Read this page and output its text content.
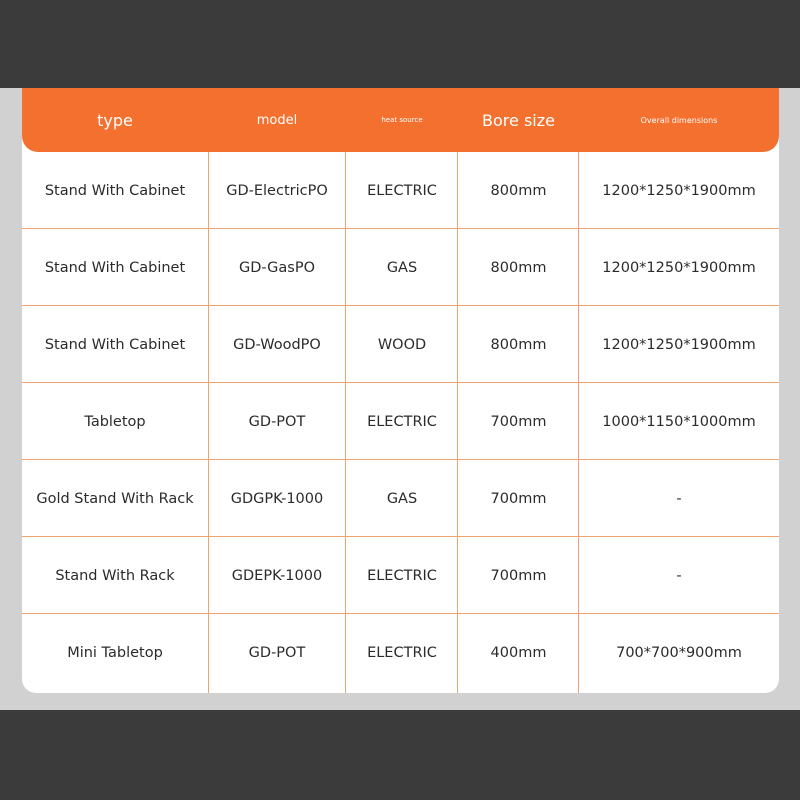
type	model	heat source	Bore size	Overall dimensions
Stand With Cabinet	GD-ElectricPO	ELECTRIC	800mm	1200*1250*1900mm
Stand With Cabinet	GD-GasPO	GAS	800mm	1200*1250*1900mm
Stand With Cabinet	GD-WoodPO	WOOD	800mm	1200*1250*1900mm
Tabletop	GD-POT	ELECTRIC	700mm	1000*1150*1000mm
Gold Stand With Rack	GDGPK-1000	GAS	700mm	-
Stand With Rack	GDEPK-1000	ELECTRIC	700mm	-
Mini Tabletop	GD-POT	ELECTRIC	400mm	700*700*900mm
